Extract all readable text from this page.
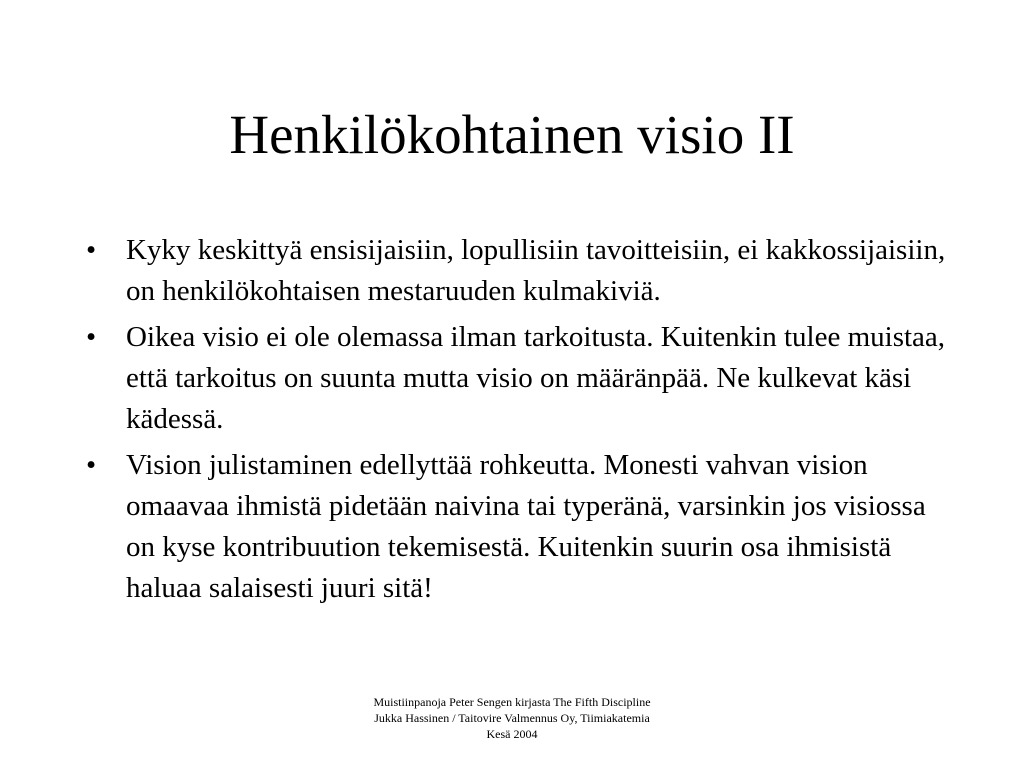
Henkilökohtainen visio II
• Kyky keskittyä ensisijaisiin, lopullisiin tavoitteisiin, ei kakkossijaisiin, on henkilökohtaisen mestaruuden kulmakiviä.
• Oikea visio ei ole olemassa ilman tarkoitusta. Kuitenkin tulee muistaa, että tarkoitus on suunta mutta visio on määränpää. Ne kulkevat käsi kädessä.
• Vision julistaminen edellyttää rohkeutta. Monesti vahvan vision omaavaa ihmistä pidetään naivina tai typeränä, varsinkin jos visiossa on kyse kontribuution tekemisestä. Kuitenkin suurin osa ihmisistä haluaa salaisesti juuri sitä!
Muistiinpanoja Peter Sengen kirjasta The Fifth Discipline
Jukka Hassinen / Taitovire Valmennus Oy, Tiimiakatemia
Kesä 2004
